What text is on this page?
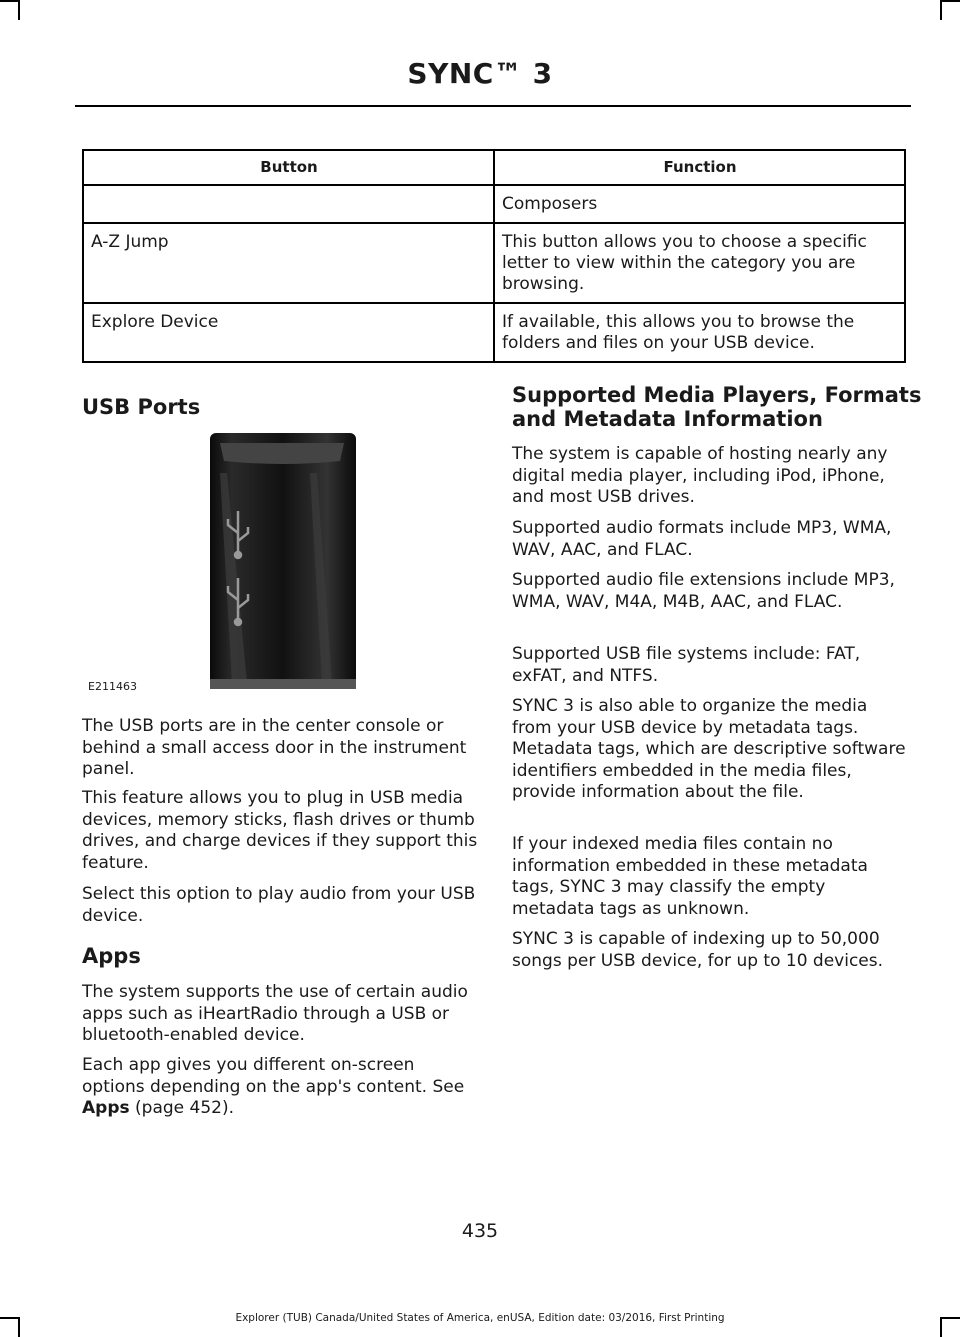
SYNC™ 3
Button	Function
	Composers
A-Z Jump	This button allows you to choose a specific letter to view within the category you are browsing.
Explore Device	If available, this allows you to browse the folders and files on your USB device.
USB Ports
E211463
The USB ports are in the center console or behind a small access door in the instrument panel.
This feature allows you to plug in USB media devices, memory sticks, flash drives or thumb drives, and charge devices if they support this feature.
Select this option to play audio from your USB device.
Apps
The system supports the use of certain audio apps such as iHeartRadio through a USB or bluetooth-enabled device.
Each app gives you different on-screen options depending on the app's content. See Apps (page 452).
Supported Media Players, Formats and Metadata Information
The system is capable of hosting nearly any digital media player, including iPod, iPhone, and most USB drives.
Supported audio formats include MP3, WMA, WAV, AAC, and FLAC.
Supported audio file extensions include MP3, WMA, WAV, M4A, M4B, AAC, and FLAC.
Supported USB file systems include: FAT, exFAT, and NTFS.
SYNC 3 is also able to organize the media from your USB device by metadata tags. Metadata tags, which are descriptive software identifiers embedded in the media files, provide information about the file.
If your indexed media files contain no information embedded in these metadata tags, SYNC 3 may classify the empty metadata tags as unknown.
SYNC 3 is capable of indexing up to 50,000 songs per USB device, for up to 10 devices.
435
Explorer (TUB) Canada/United States of America, enUSA, Edition date: 03/2016, First Printing
